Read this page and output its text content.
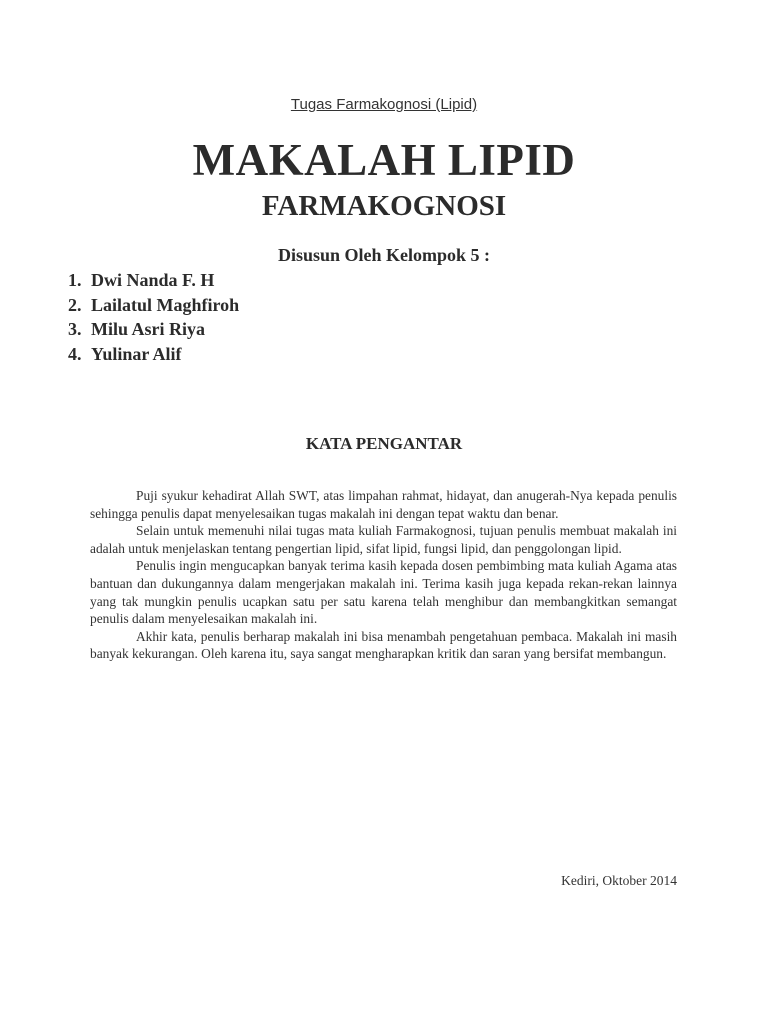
Tugas Farmakognosi (Lipid)
MAKALAH LIPID
FARMAKOGNOSI
Disusun Oleh Kelompok 5 :
1. Dwi Nanda F. H
2. Lailatul Maghfiroh
3. Milu Asri Riya
4. Yulinar Alif
KATA PENGANTAR

Puji syukur kehadirat Allah SWT, atas limpahan rahmat, hidayat, dan anugerah-Nya kepada penulis sehingga penulis dapat menyelesaikan tugas makalah ini dengan tepat waktu dan benar.

Selain untuk memenuhi nilai tugas mata kuliah Farmakognosi, tujuan penulis membuat makalah ini adalah untuk menjelaskan tentang pengertian lipid, sifat lipid, fungsi lipid, dan penggolongan lipid.

Penulis ingin mengucapkan banyak terima kasih kepada dosen pembimbing mata kuliah Agama atas bantuan dan dukungannya dalam mengerjakan makalah ini. Terima kasih juga kepada rekan-rekan lainnya yang tak mungkin penulis ucapkan satu per satu karena telah menghibur dan membangkitkan semangat penulis dalam menyelesaikan makalah ini.

Akhir kata, penulis berharap makalah ini bisa menambah pengetahuan pembaca. Makalah ini masih banyak kekurangan. Oleh karena itu, saya sangat mengharapkan kritik dan saran yang bersifat membangun.

Kediri, Oktober 2014
